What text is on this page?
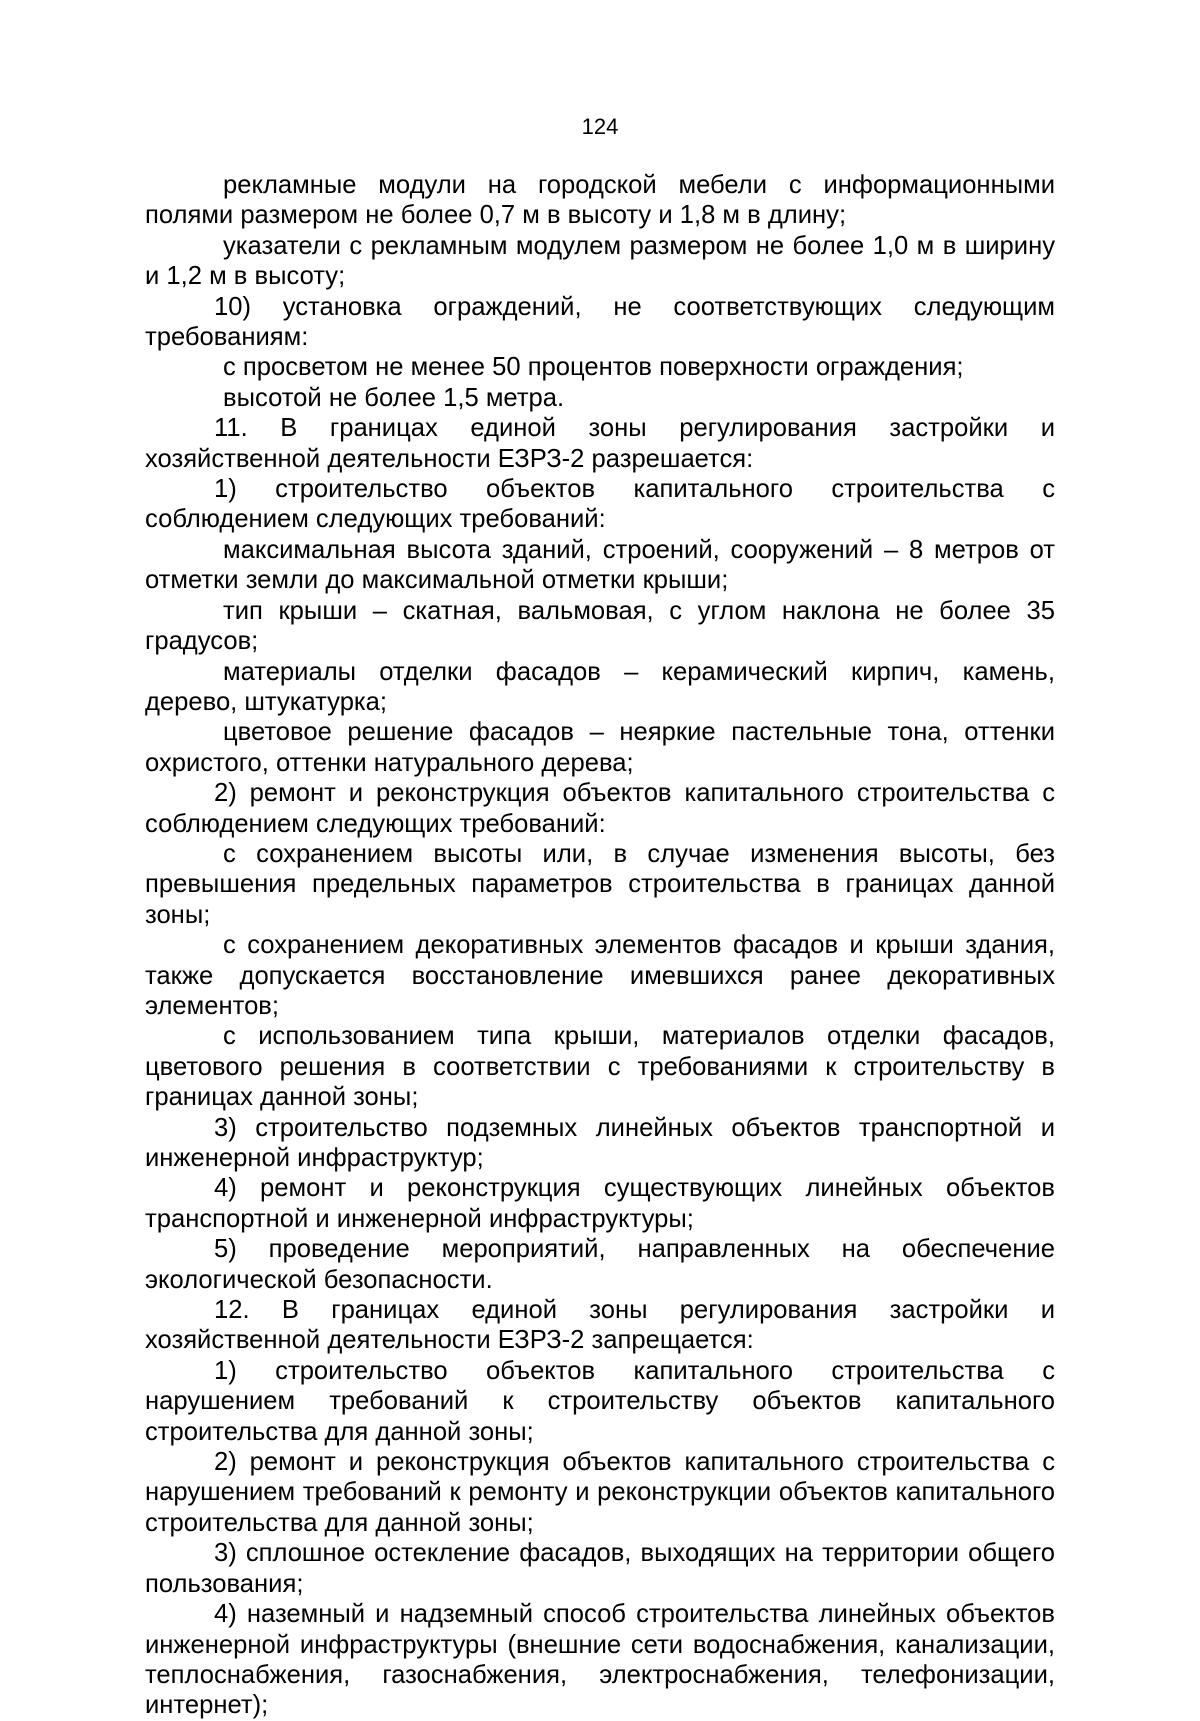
124

рекламные модули на городской мебели с информационными полями размером не более 0,7 м в высоту и 1,8 м в длину;

указатели с рекламным модулем размером не более 1,0 м в ширину и 1,2 м в высоту;

10) установка ограждений, не соответствующих следующим требованиям:

с просветом не менее 50 процентов поверхности ограждения;

высотой не более 1,5 метра.

11. В границах единой зоны регулирования застройки и хозяйственной деятельности ЕЗРЗ-2 разрешается:

1) строительство объектов капитального строительства с соблюдением следующих требований:

максимальная высота зданий, строений, сооружений – 8 метров от отметки земли до максимальной отметки крыши;

тип крыши – скатная, вальмовая, с углом наклона не более 35 градусов;

материалы отделки фасадов – керамический кирпич, камень, дерево, штукатурка;

цветовое решение фасадов – неяркие пастельные тона, оттенки охристого, оттенки натурального дерева;

2) ремонт и реконструкция объектов капитального строительства с соблюдением следующих требований:

с сохранением высоты или, в случае изменения высоты, без превышения предельных параметров строительства в границах данной зоны;

с сохранением декоративных элементов фасадов и крыши здания, также допускается восстановление имевшихся ранее декоративных элементов;

с использованием типа крыши, материалов отделки фасадов, цветового решения в соответствии с требованиями к строительству в границах данной зоны;

3) строительство подземных линейных объектов транспортной и инженерной инфраструктур;

4) ремонт и реконструкция существующих линейных объектов транспортной и инженерной инфраструктуры;

5) проведение мероприятий, направленных на обеспечение экологической безопасности.

12. В границах единой зоны регулирования застройки и хозяйственной деятельности ЕЗРЗ-2 запрещается:

1) строительство объектов капитального строительства с нарушением требований к строительству объектов капитального строительства для данной зоны;

2) ремонт и реконструкция объектов капитального строительства с нарушением требований к ремонту и реконструкции объектов капитального строительства для данной зоны;

3) сплошное остекление фасадов, выходящих на территории общего пользования;

4) наземный и надземный способ строительства линейных объектов инженерной инфраструктуры (внешние сети водоснабжения, канализации, теплоснабжения, газоснабжения, электроснабжения, телефонизации, интернет);
